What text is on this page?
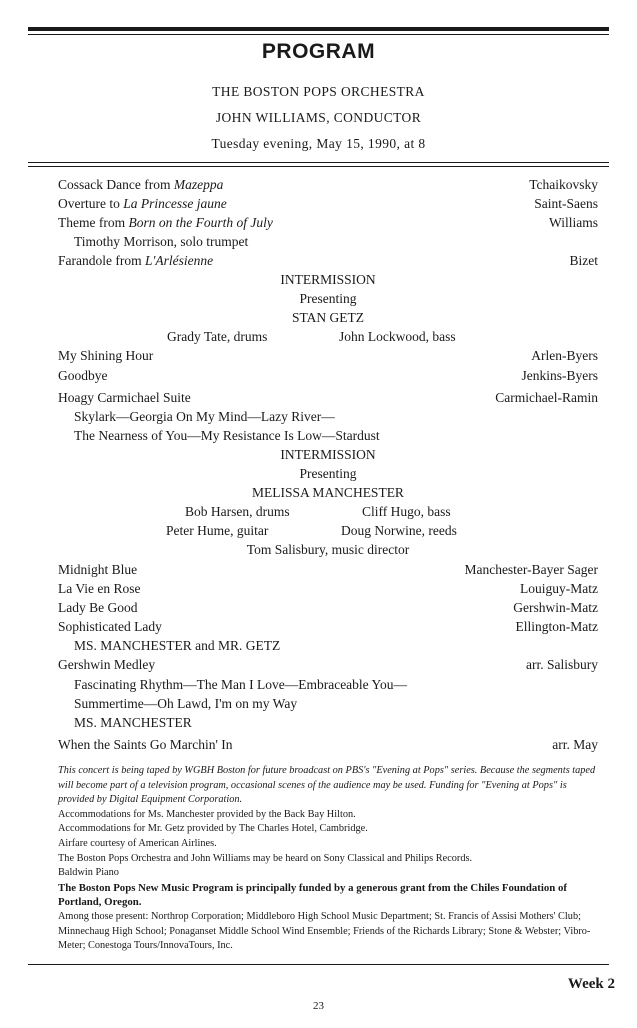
PROGRAM
THE BOSTON POPS ORCHESTRA
JOHN WILLIAMS, CONDUCTOR
Tuesday evening, May 15, 1990, at 8
Cossack Dance from Mazeppa	Tchaikovsky
Overture to La Princesse jaune	Saint-Saens
Theme from Born on the Fourth of July	Williams
Timothy Morrison, solo trumpet
Farandole from L'Arlésienne	Bizet
INTERMISSION
Presenting
STAN GETZ
Grady Tate, drums	John Lockwood, bass
My Shining Hour	Arlen-Byers
Goodbye	Jenkins-Byers
Hoagy Carmichael Suite	Carmichael-Ramin
Skylark—Georgia On My Mind—Lazy River—
The Nearness of You—My Resistance Is Low—Stardust
INTERMISSION
Presenting
MELISSA MANCHESTER
Bob Harsen, drums	Cliff Hugo, bass
Peter Hume, guitar	Doug Norwine, reeds
Tom Salisbury, music director
Midnight Blue	Manchester-Bayer Sager
La Vie en Rose	Louiguy-Matz
Lady Be Good	Gershwin-Matz
Sophisticated Lady	Ellington-Matz
MS. MANCHESTER and MR. GETZ
Gershwin Medley	arr. Salisbury
Fascinating Rhythm—The Man I Love—Embraceable You—
Summertime—Oh Lawd, I'm on my Way
MS. MANCHESTER
When the Saints Go Marchin' In	arr. May

This concert is being taped by WGBH Boston for future broadcast on PBS's "Evening at Pops" series. Because the segments taped will become part of a television program, occasional scenes of the audience may be used. Funding for "Evening at Pops" is provided by Digital Equipment Corporation.

Accommodations for Ms. Manchester provided by the Back Bay Hilton.

Accommodations for Mr. Getz provided by The Charles Hotel, Cambridge.

Airfare courtesy of American Airlines.

The Boston Pops Orchestra and John Williams may be heard on Sony Classical and Philips Records.

Baldwin Piano

The Boston Pops New Music Program is principally funded by a generous grant from the Chiles Foundation of Portland, Oregon.

Among those present: Northrop Corporation; Middleboro High School Music Department; St. Francis of Assisi Mothers' Club; Minnechaug High School; Ponaganset Middle School Wind Ensemble; Friends of the Richards Library; Stone & Webster; Vibro-Meter; Conestoga Tours/InnovaTours, Inc.

Week 2
23
